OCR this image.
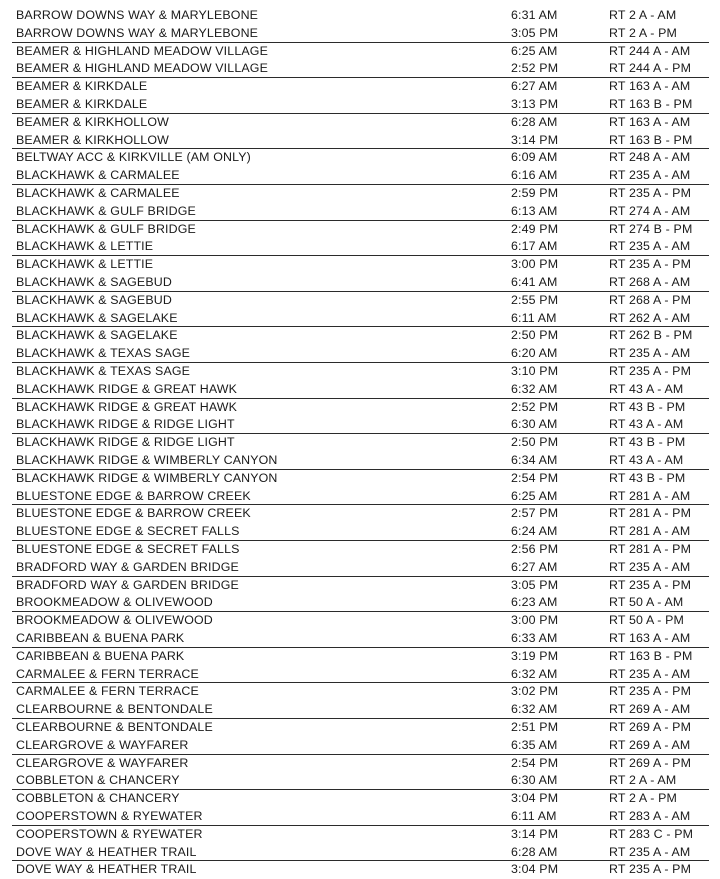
BARROW DOWNS WAY & MARYLEBONE	6:31 AM	RT 2 A - AM
BARROW DOWNS WAY & MARYLEBONE	3:05 PM	RT 2 A - PM
BEAMER & HIGHLAND MEADOW VILLAGE	6:25 AM	RT 244 A - AM
BEAMER & HIGHLAND MEADOW VILLAGE	2:52 PM	RT 244 A - PM
BEAMER & KIRKDALE	6:27 AM	RT 163 A - AM
BEAMER & KIRKDALE	3:13 PM	RT 163 B - PM
BEAMER & KIRKHOLLOW	6:28 AM	RT 163 A - AM
BEAMER & KIRKHOLLOW	3:14 PM	RT 163 B - PM
BELTWAY ACC & KIRKVILLE (AM ONLY)	6:09 AM	RT 248 A - AM
BLACKHAWK & CARMALEE	6:16 AM	RT 235 A - AM
BLACKHAWK & CARMALEE	2:59 PM	RT 235 A - PM
BLACKHAWK & GULF BRIDGE	6:13 AM	RT 274 A - AM
BLACKHAWK & GULF BRIDGE	2:49 PM	RT 274 B - PM
BLACKHAWK & LETTIE	6:17 AM	RT 235 A - AM
BLACKHAWK & LETTIE	3:00 PM	RT 235 A - PM
BLACKHAWK & SAGEBUD	6:41 AM	RT 268 A - AM
BLACKHAWK & SAGEBUD	2:55 PM	RT 268 A - PM
BLACKHAWK & SAGELAKE	6:11 AM	RT 262 A - AM
BLACKHAWK & SAGELAKE	2:50 PM	RT 262 B - PM
BLACKHAWK & TEXAS SAGE	6:20 AM	RT 235 A - AM
BLACKHAWK & TEXAS SAGE	3:10 PM	RT 235 A - PM
BLACKHAWK RIDGE & GREAT HAWK	6:32 AM	RT 43 A - AM
BLACKHAWK RIDGE & GREAT HAWK	2:52 PM	RT 43 B - PM
BLACKHAWK RIDGE & RIDGE LIGHT	6:30 AM	RT 43 A - AM
BLACKHAWK RIDGE & RIDGE LIGHT	2:50 PM	RT 43 B - PM
BLACKHAWK RIDGE & WIMBERLY CANYON	6:34 AM	RT 43 A - AM
BLACKHAWK RIDGE & WIMBERLY CANYON	2:54 PM	RT 43 B - PM
BLUESTONE EDGE & BARROW CREEK	6:25 AM	RT 281 A - AM
BLUESTONE EDGE & BARROW CREEK	2:57 PM	RT 281 A - PM
BLUESTONE EDGE & SECRET FALLS	6:24 AM	RT 281 A - AM
BLUESTONE EDGE & SECRET FALLS	2:56 PM	RT 281 A - PM
BRADFORD WAY & GARDEN BRIDGE	6:27 AM	RT 235 A - AM
BRADFORD WAY & GARDEN BRIDGE	3:05 PM	RT 235 A - PM
BROOKMEADOW & OLIVEWOOD	6:23 AM	RT 50 A - AM
BROOKMEADOW & OLIVEWOOD	3:00 PM	RT 50 A - PM
CARIBBEAN & BUENA PARK	6:33 AM	RT 163 A - AM
CARIBBEAN & BUENA PARK	3:19 PM	RT 163 B - PM
CARMALEE & FERN TERRACE	6:32 AM	RT 235 A - AM
CARMALEE & FERN TERRACE	3:02 PM	RT 235 A - PM
CLEARBOURNE & BENTONDALE	6:32 AM	RT 269 A - AM
CLEARBOURNE & BENTONDALE	2:51 PM	RT 269 A - PM
CLEARGROVE & WAYFARER	6:35 AM	RT 269 A - AM
CLEARGROVE & WAYFARER	2:54 PM	RT 269 A - PM
COBBLETON & CHANCERY	6:30 AM	RT 2 A - AM
COBBLETON & CHANCERY	3:04 PM	RT 2 A - PM
COOPERSTOWN & RYEWATER	6:11 AM	RT 283 A - AM
COOPERSTOWN & RYEWATER	3:14 PM	RT 283 C - PM
DOVE WAY & HEATHER TRAIL	6:28 AM	RT 235 A - AM
DOVE WAY & HEATHER TRAIL	3:04 PM	RT 235 A - PM
